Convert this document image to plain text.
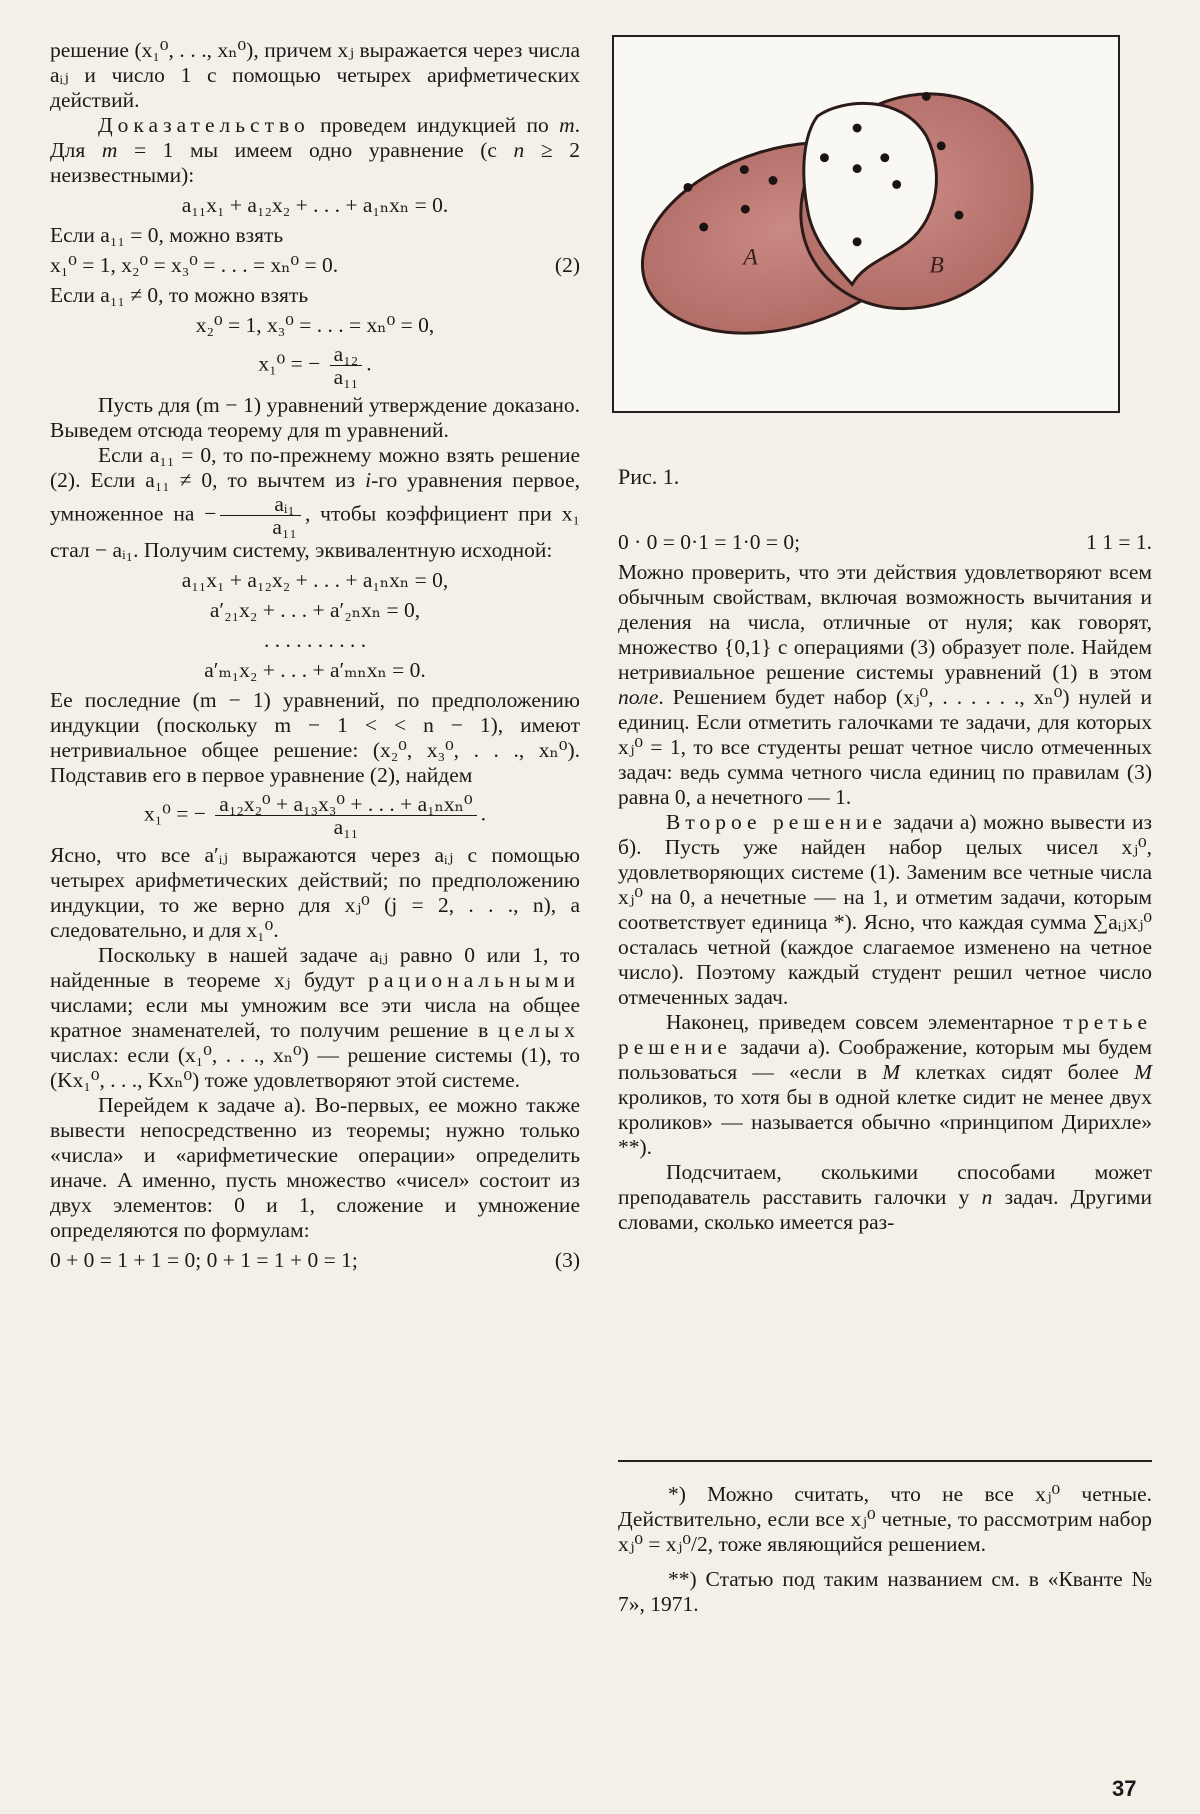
решение (x₁⁰, . . ., xₙ⁰), причем xⱼ выражается через числа aᵢⱼ и число 1 с помощью четырех арифметических действий.

Доказательство проведем индукцией по m. Для m = 1 мы имеем одно уравнение (с n ≥ 2 неизвестными):

a₁₁x₁ + a₁₂x₂ + . . . + a₁ₙxₙ = 0.

Если a₁₁ = 0, можно взять

x₁⁰ = 1, x₂⁰ = x₃⁰ = . . . = xₙ⁰ = 0.	(2)

Если a₁₁ ≠ 0, то можно взять

x₂⁰ = 1, x₃⁰ = . . . = xₙ⁰ = 0,

x₁⁰ = − $\frac{\text{a₁₂}}{\text{a₁₁}}$ .

Пусть для (m − 1) уравнений утверждение доказано. Выведем отсюда теорему для m уравнений.

Если a₁₁ = 0, то по-прежнему можно взять решение (2). Если a₁₁ ≠ 0, то вычтем из i-го уравнения первое, умноженное на − $\frac{\text{aᵢ₁}}{\text{a₁₁}}$ , чтобы коэффициент при x₁ стал − aᵢ₁. Получим систему, эквивалентную исходной:

a₁₁x₁ + a₁₂x₂ + . . . + a₁ₙxₙ = 0,

a′₂₁x₂ + . . . + a′₂ₙxₙ = 0,

. . . . . . . . . .

a′ₘ₁x₂ + . . . + a′ₘₙxₙ = 0.

Ее последние (m − 1) уравнений, по предположению индукции (поскольку m − 1 < < n − 1), имеют нетривиальное общее решение: (x₂⁰, x₃⁰, . . ., xₙ⁰). Подставив его в первое уравнение (2), найдем

x₁⁰ = − $\frac{\text{a₁₂x₂⁰ + a₁₃x₃⁰ + . . . + a₁ₙxₙ⁰}}{\text{a₁₁}}$ .

Ясно, что все a′ᵢⱼ выражаются через aᵢⱼ с помощью четырех арифметических действий; по предположению индукции, то же верно для xⱼ⁰ (j = 2, . . ., n), а следовательно, и для x₁⁰.

Поскольку в нашей задаче aᵢⱼ равно 0 или 1, то найденные в теореме xⱼ будут рациональными числами; если мы умножим все эти числа на общее кратное знаменателей, то получим решение в целых числах: если (x₁⁰, . . ., xₙ⁰) — решение системы (1), то (Kx₁⁰, . . ., Kxₙ⁰) тоже удовлетворяют этой системе.

Перейдем к задаче а). Во-первых, ее можно также вывести непосредственно из теоремы; нужно только «числа» и «арифметические операции» определить иначе. А именно, пусть множество «чисел» состоит из двух элементов: 0 и 1, сложение и умножение определяются по формулам:

0 + 0 = 1 + 1 = 0; 0 + 1 = 1 + 0 = 1;	(3)
A	B
Рис. 1.
0 · 0 = 0·1 = 1·0 = 0;	1 1 = 1.

Можно проверить, что эти действия удовлетворяют всем обычным свойствам, включая возможность вычитания и деления на числа, отличные от нуля; как говорят, множество {0,1} с операциями (3) образует поле. Найдем нетривиальное решение системы уравнений (1) в этом поле. Решением будет набор (xⱼ⁰, . . . . . ., xₙ⁰) нулей и единиц. Если отметить галочками те задачи, для которых xⱼ⁰ = 1, то все студенты решат четное число отмеченных задач: ведь сумма четного числа единиц по правилам (3) равна 0, а нечетного — 1.

Второе решение задачи а) можно вывести из б). Пусть уже найден набор целых чисел xⱼ⁰, удовлетворяющих системе (1). Заменим все четные числа xⱼ⁰ на 0, а нечетные — на 1, и отметим задачи, которым соответствует единица *). Ясно, что каждая сумма ∑aᵢⱼxⱼ⁰ осталась четной (каждое слагаемое изменено на четное число). Поэтому каждый студент решил четное число отмеченных задач.

Наконец, приведем совсем элементарное третье решение задачи а). Соображение, которым мы будем пользоваться — «если в M клетках сидят более M кроликов, то хотя бы в одной клетке сидит не менее двух кроликов» — называется обычно «принципом Дирихле» **).

Подсчитаем, сколькими способами может преподаватель расставить галочки у n задач. Другими словами, сколько имеется раз-

*) Можно считать, что не все xⱼ⁰ четные. Действительно, если все xⱼ⁰ четные, то рассмотрим набор xⱼ⁰ = xⱼ⁰/2, тоже являющийся решением.

**) Статью под таким названием см. в «Кванте № 7», 1971.

37
